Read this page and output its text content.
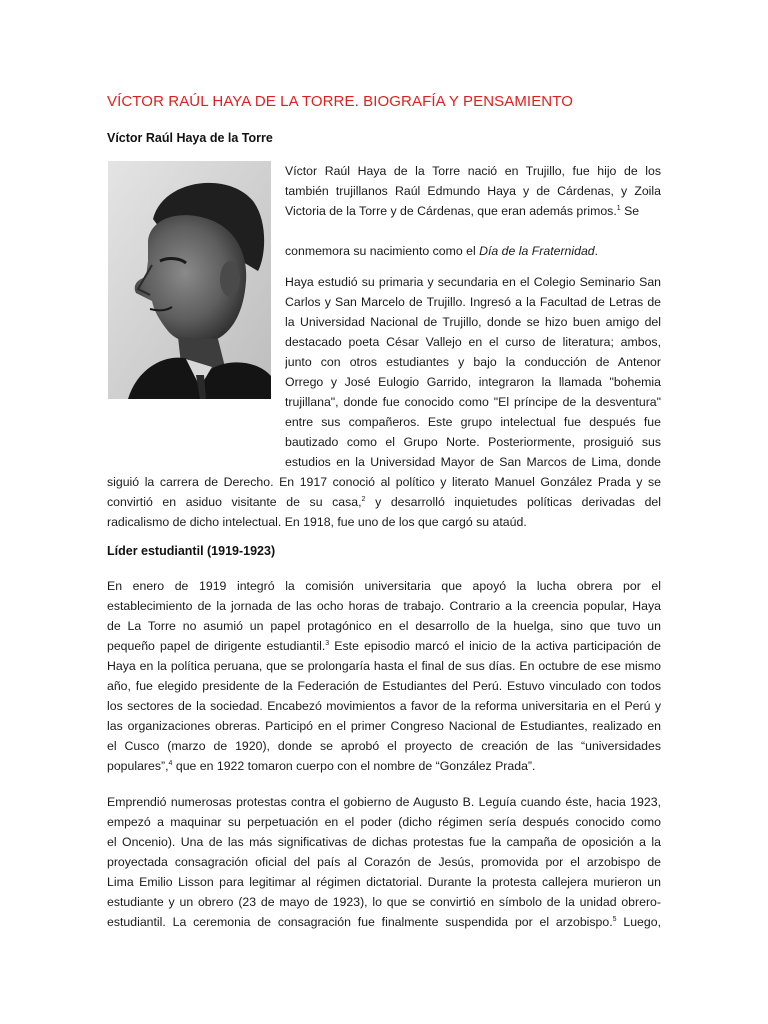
VÍCTOR RAÚL HAYA DE LA TORRE. BIOGRAFÍA Y PENSAMIENTO
Víctor Raúl Haya de la Torre
Víctor Raúl Haya de la Torre nació en Trujillo, fue hijo de los
también trujillanos Raúl Edmundo Haya y de Cárdenas, y Zoila
Victoria de la Torre y de Cárdenas, que eran además primos.$^1$ Se
conmemora su nacimiento como el Día de la Fraternidad.
Haya estudió su primaria y secundaria en el Colegio Seminario San
Carlos y San Marcelo de Trujillo. Ingresó a la Facultad de Letras de
la Universidad Nacional de Trujillo, donde se hizo buen amigo del
destacado poeta César Vallejo en el curso de literatura; ambos,
junto con otros estudiantes y bajo la conducción de Antenor
Orrego y José Eulogio Garrido, integraron la llamada "bohemia
trujillana", donde fue conocido como "El príncipe de la desventura"
entre sus compañeros. Este grupo intelectual fue después fue
bautizado como el Grupo Norte. Posteriormente, prosiguió sus
estudios en la Universidad Mayor de San Marcos de Lima, donde
siguió la carrera de Derecho. En 1917 conoció al político y literato Manuel González Prada y se
convirtió en asiduo visitante de su casa,$^2$ y desarrolló inquietudes políticas derivadas del
radicalismo de dicho intelectual. En 1918, fue uno de los que cargó su ataúd.
Líder estudiantil (1919-1923)
En enero de 1919 integró la comisión universitaria que apoyó la lucha obrera por el
establecimiento de la jornada de las ocho horas de trabajo. Contrario a la creencia popular, Haya
de La Torre no asumió un papel protagónico en el desarrollo de la huelga, sino que tuvo un
pequeño papel de dirigente estudiantil.$^3$ Este episodio marcó el inicio de la activa participación de
Haya en la política peruana, que se prolongaría hasta el final de sus días. En octubre de ese mismo
año, fue elegido presidente de la Federación de Estudiantes del Perú. Estuvo vinculado con todos
los sectores de la sociedad. Encabezó movimientos a favor de la reforma universitaria en el Perú y
las organizaciones obreras. Participó en el primer Congreso Nacional de Estudiantes, realizado en
el Cusco (marzo de 1920), donde se aprobó el proyecto de creación de las “universidades
populares”,$^4$ que en 1922 tomaron cuerpo con el nombre de “González Prada”.
Emprendió numerosas protestas contra el gobierno de Augusto B. Leguía cuando éste, hacia 1923,
empezó a maquinar su perpetuación en el poder (dicho régimen sería después conocido como
el Oncenio). Una de las más significativas de dichas protestas fue la campaña de oposición a la
proyectada consagración oficial del país al Corazón de Jesús, promovida por el arzobispo de
Lima Emilio Lisson para legitimar al régimen dictatorial. Durante la protesta callejera murieron un
estudiante y un obrero (23 de mayo de 1923), lo que se convirtió en símbolo de la unidad obrero-
estudiantil. La ceremonia de consagración fue finalmente suspendida por el arzobispo.$^5$ Luego,
